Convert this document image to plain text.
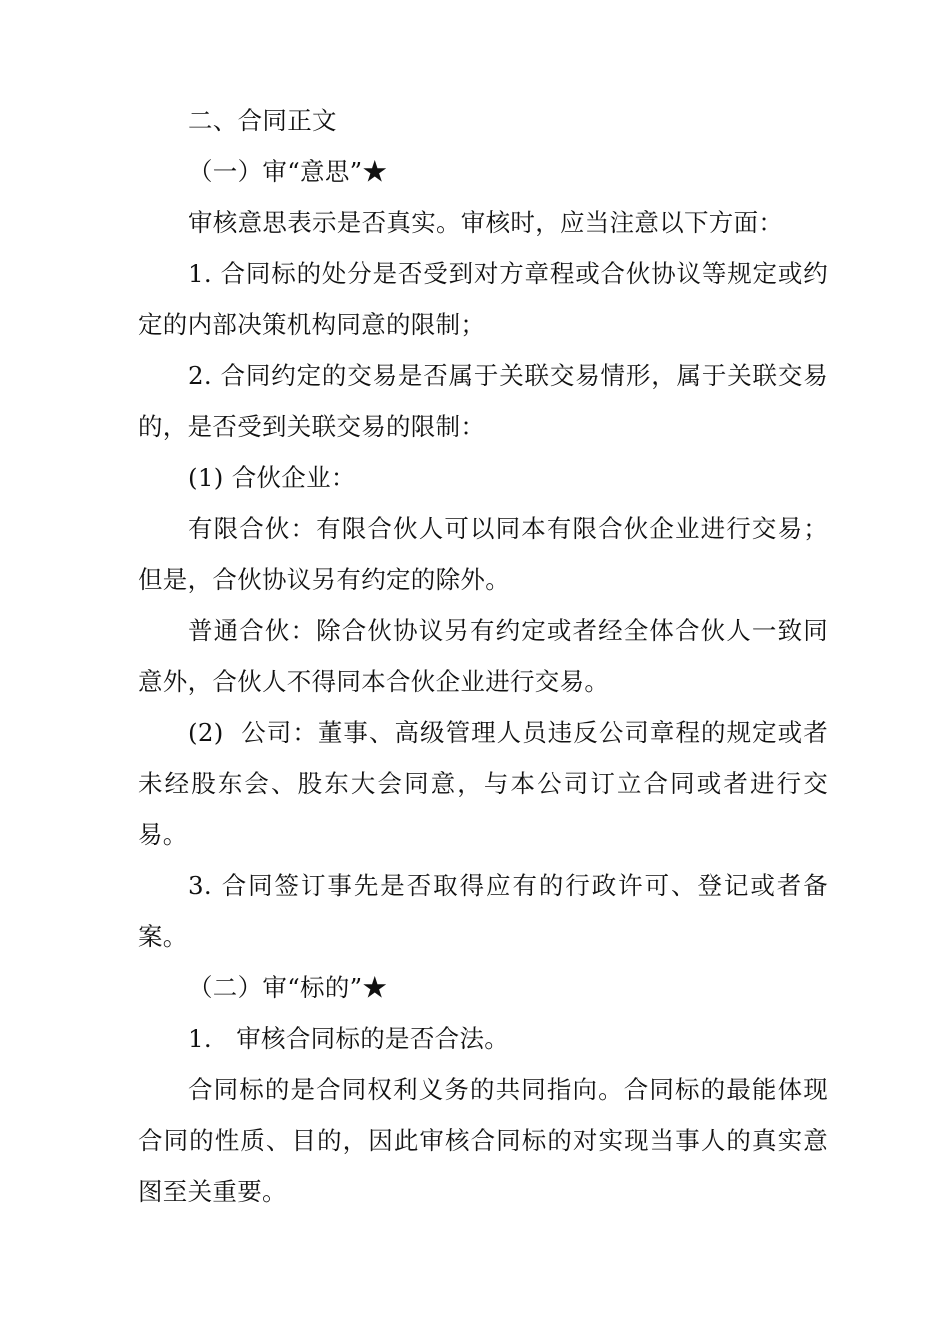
二、合同正文

（一）审“意思”★

审核意思表示是否真实。审核时，应当注意以下方面：

1. 合同标的处分是否受到对方章程或合伙协议等规定或约定的内部决策机构同意的限制；

2. 合同约定的交易是否属于关联交易情形，属于关联交易的，是否受到关联交易的限制：

(1) 合伙企业：

有限合伙：有限合伙人可以同本有限合伙企业进行交易；但是，合伙协议另有约定的除外。

普通合伙：除合伙协议另有约定或者经全体合伙人一致同意外，合伙人不得同本合伙企业进行交易。

(2)  公司：董事、高级管理人员违反公司章程的规定或者未经股东会、股东大会同意，与本公司订立合同或者进行交易。

3. 合同签订事先是否取得应有的行政许可、登记或者备案。

（二）审“标的”★

1.   审核合同标的是否合法。

合同标的是合同权利义务的共同指向。合同标的最能体现合同的性质、目的，因此审核合同标的对实现当事人的真实意图至关重要。
